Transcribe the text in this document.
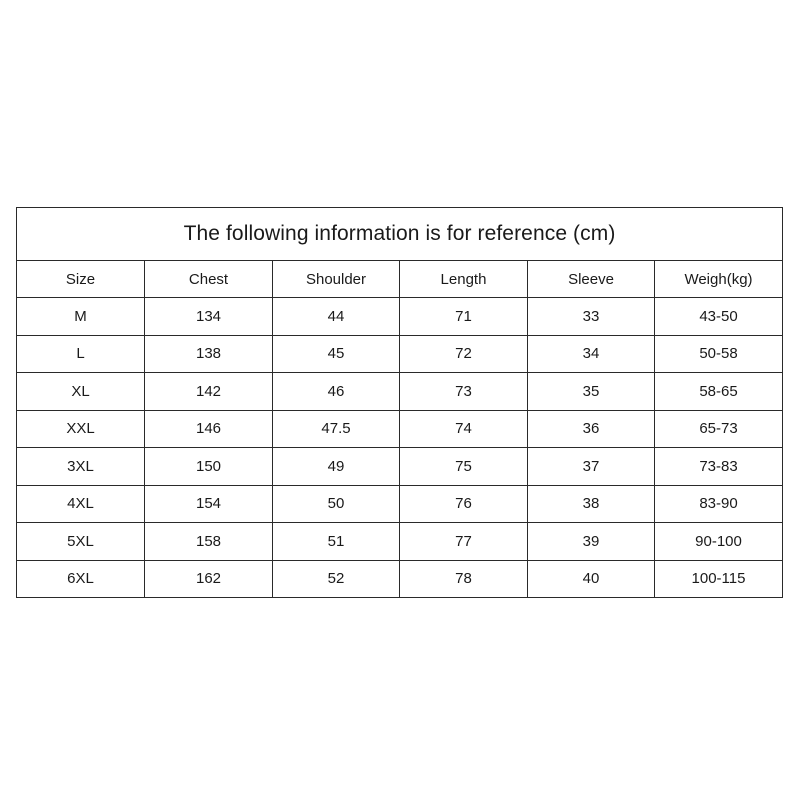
The following information is for reference (cm)					
Size	Chest	Shoulder	Length	Sleeve	Weigh(kg)
M	134	44	71	33	43-50
L	138	45	72	34	50-58
XL	142	46	73	35	58-65
XXL	146	47.5	74	36	65-73
3XL	150	49	75	37	73-83
4XL	154	50	76	38	83-90
5XL	158	51	77	39	90-100
6XL	162	52	78	40	100-115
